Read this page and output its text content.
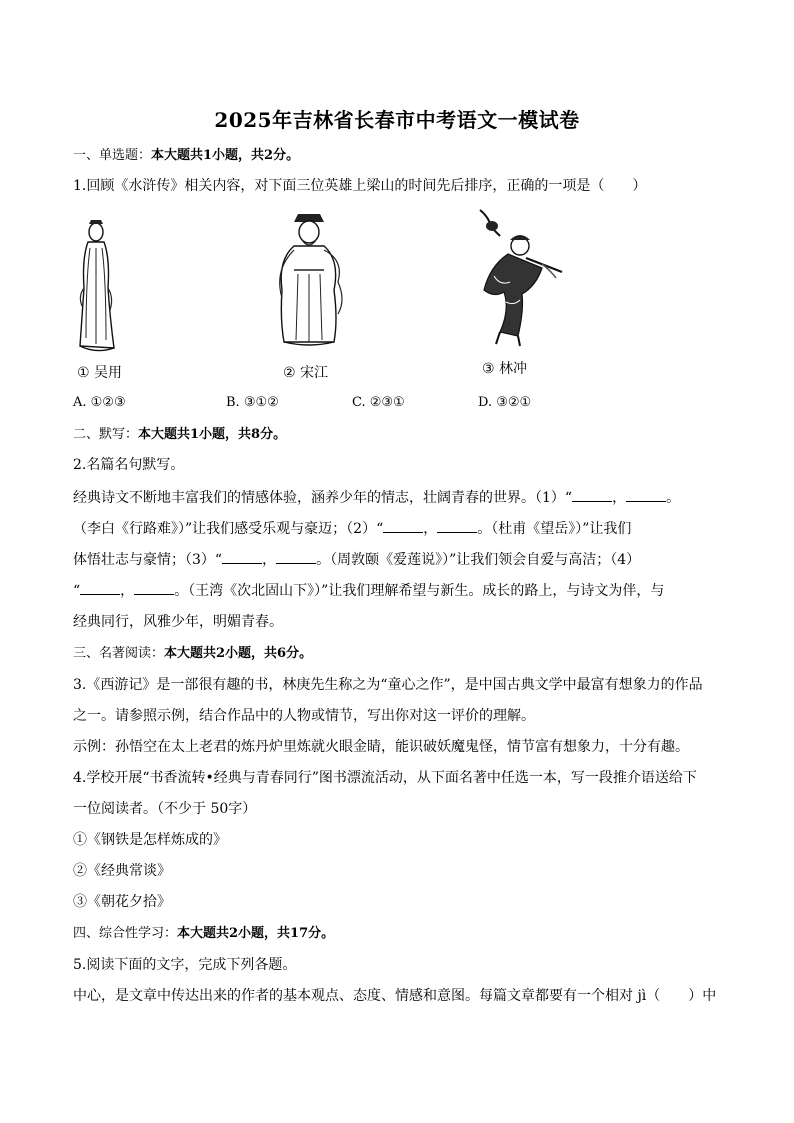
2025年吉林省长春市中考语文一模试卷
一、单选题：本大题共1小题，共2分。
1.回顾《水浒传》相关内容，对下面三位英雄上梁山的时间先后排序，正确的一项是（　　）
① 吴用	② 宋江	③ 林冲
A. ①②③	B. ③①②	C. ②③①	D. ③②①
二、默写：本大题共1小题，共8分。
2.名篇名句默写。
经典诗文不断地丰富我们的情感体验，涵养少年的情志，壮阔青春的世界。（1）“	，	。
（李白《行路难》）”让我们感受乐观与豪迈；（2）“	，	。（杜甫《望岳》）”让我们
体悟壮志与豪情；（3）“	，	。（周敦颐《爱莲说》）”让我们领会自爱与高洁；（4）
“	，	。（王湾《次北固山下》）”让我们理解希望与新生。成长的路上，与诗文为伴，与
经典同行，风雅少年，明媚青春。
三、名著阅读：本大题共2小题，共6分。
3.《西游记》是一部很有趣的书，林庚先生称之为“童心之作”，是中国古典文学中最富有想象力的作品
之一。请参照示例，结合作品中的人物或情节，写出你对这一评价的理解。
示例：孙悟空在太上老君的炼丹炉里炼就火眼金睛，能识破妖魔鬼怪，情节富有想象力，十分有趣。
4.学校开展“书香流转•经典与青春同行”图书漂流活动，从下面名著中任选一本，写一段推介语送给下
一位阅读者。（不少于 50字）
①《钢铁是怎样炼成的》
②《经典常谈》
③《朝花夕拾》
四、综合性学习：本大题共2小题，共17分。
5.阅读下面的文字，完成下列各题。
中心，是文章中传达出来的作者的基本观点、态度、情感和意图。每篇文章都要有一个相对 jì（　　）中
